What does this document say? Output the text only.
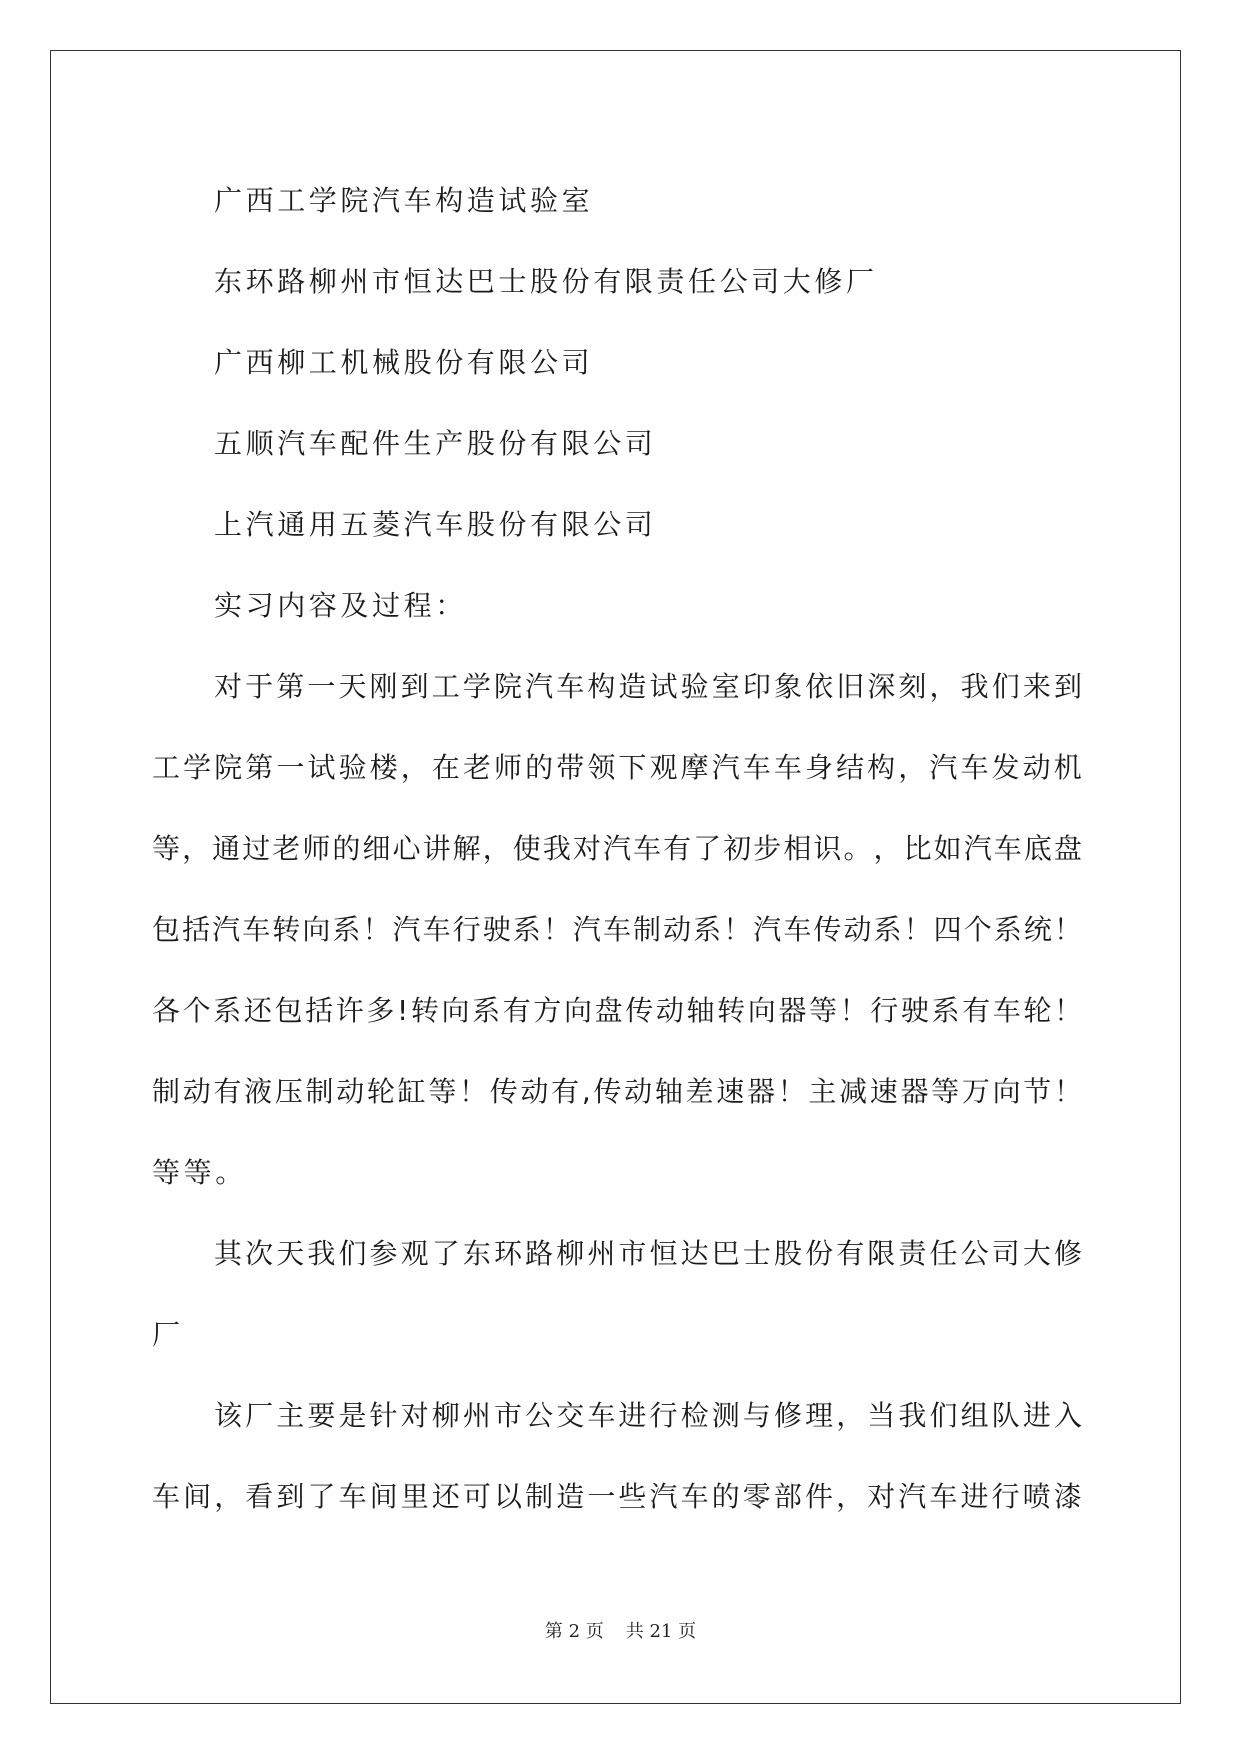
广西工学院汽车构造试验室

东环路柳州市恒达巴士股份有限责任公司大修厂

广西柳工机械股份有限公司

五顺汽车配件生产股份有限公司

上汽通用五菱汽车股份有限公司

实习内容及过程：

对 于 第 一 天 刚 到 工 学 院 汽 车 构 造 试 验 室 印 象 依 旧 深 刻 ， 我 们 来 到

工 学 院 第 一 试 验 楼 ， 在 老 师 的 带 领 下 观 摩 汽 车 车 身 结 构 ， 汽 车 发 动 机

等 ， 通 过 老 师 的 细 心 讲 解 ， 使 我 对 汽 车 有 了 初 步 相 识 。 ， 比 如 汽 车 底 盘

包 括 汽 车 转 向 系 ！ 汽 车 行 驶 系 ！ 汽 车 制 动 系 ！ 汽 车 传 动 系 ！ 四 个 系 统 ！

各 个 系 还 包 括 许 多 ! 转 向 系 有 方 向 盘 传 动 轴 转 向 器 等 ！ 行 驶 系 有 车 轮 ！

制 动 有 液 压 制 动 轮 缸 等 ！ 传 动 有 , 传 动 轴 差 速 器 ！ 主 减 速 器 等 万 向 节 ！

等等。

其 次 天 我 们 参 观 了 东 环 路 柳 州 市 恒 达 巴 士 股 份 有 限 责 任 公 司 大 修

厂

该 厂 主 要 是 针 对 柳 州 市 公 交 车 进 行 检 测 与 修 理 ， 当 我 们 组 队 进 入

车 间 ， 看 到 了 车 间 里 还 可 以 制 造 一 些 汽 车 的 零 部 件 ， 对 汽 车 进 行 喷 漆

第 2 页 共 21 页
